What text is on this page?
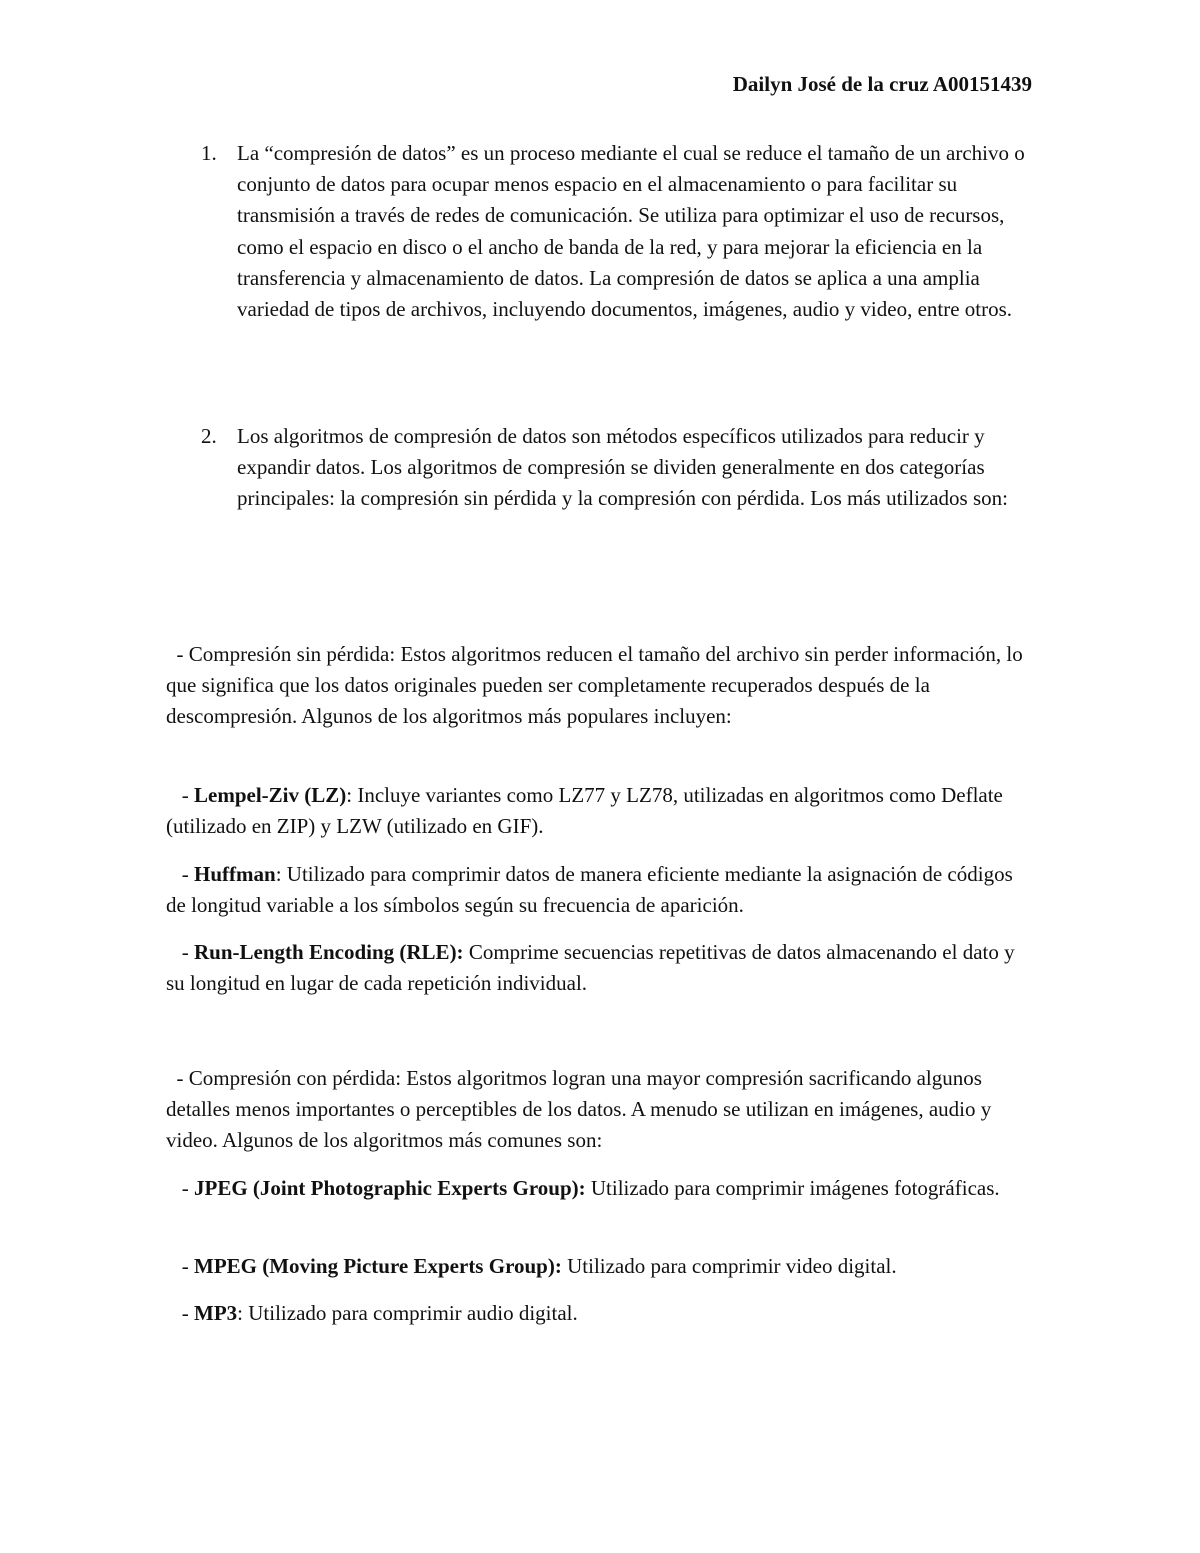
Dailyn José de la cruz A00151439
1. La “compresión de datos” es un proceso mediante el cual se reduce el tamaño de un archivo o conjunto de datos para ocupar menos espacio en el almacenamiento o para facilitar su transmisión a través de redes de comunicación. Se utiliza para optimizar el uso de recursos, como el espacio en disco o el ancho de banda de la red, y para mejorar la eficiencia en la transferencia y almacenamiento de datos. La compresión de datos se aplica a una amplia variedad de tipos de archivos, incluyendo documentos, imágenes, audio y video, entre otros.
2. Los algoritmos de compresión de datos son métodos específicos utilizados para reducir y expandir datos. Los algoritmos de compresión se dividen generalmente en dos categorías principales: la compresión sin pérdida y la compresión con pérdida. Los más utilizados son:

- Compresión sin pérdida: Estos algoritmos reducen el tamaño del archivo sin perder información, lo que significa que los datos originales pueden ser completamente recuperados después de la descompresión. Algunos de los algoritmos más populares incluyen:

- Lempel-Ziv (LZ): Incluye variantes como LZ77 y LZ78, utilizadas en algoritmos como Deflate (utilizado en ZIP) y LZW (utilizado en GIF).

- Huffman: Utilizado para comprimir datos de manera eficiente mediante la asignación de códigos de longitud variable a los símbolos según su frecuencia de aparición.

- Run-Length Encoding (RLE): Comprime secuencias repetitivas de datos almacenando el dato y su longitud en lugar de cada repetición individual.

- Compresión con pérdida: Estos algoritmos logran una mayor compresión sacrificando algunos detalles menos importantes o perceptibles de los datos. A menudo se utilizan en imágenes, audio y video. Algunos de los algoritmos más comunes son:

- JPEG (Joint Photographic Experts Group): Utilizado para comprimir imágenes fotográficas.

- MPEG (Moving Picture Experts Group): Utilizado para comprimir video digital.

- MP3: Utilizado para comprimir audio digital.
